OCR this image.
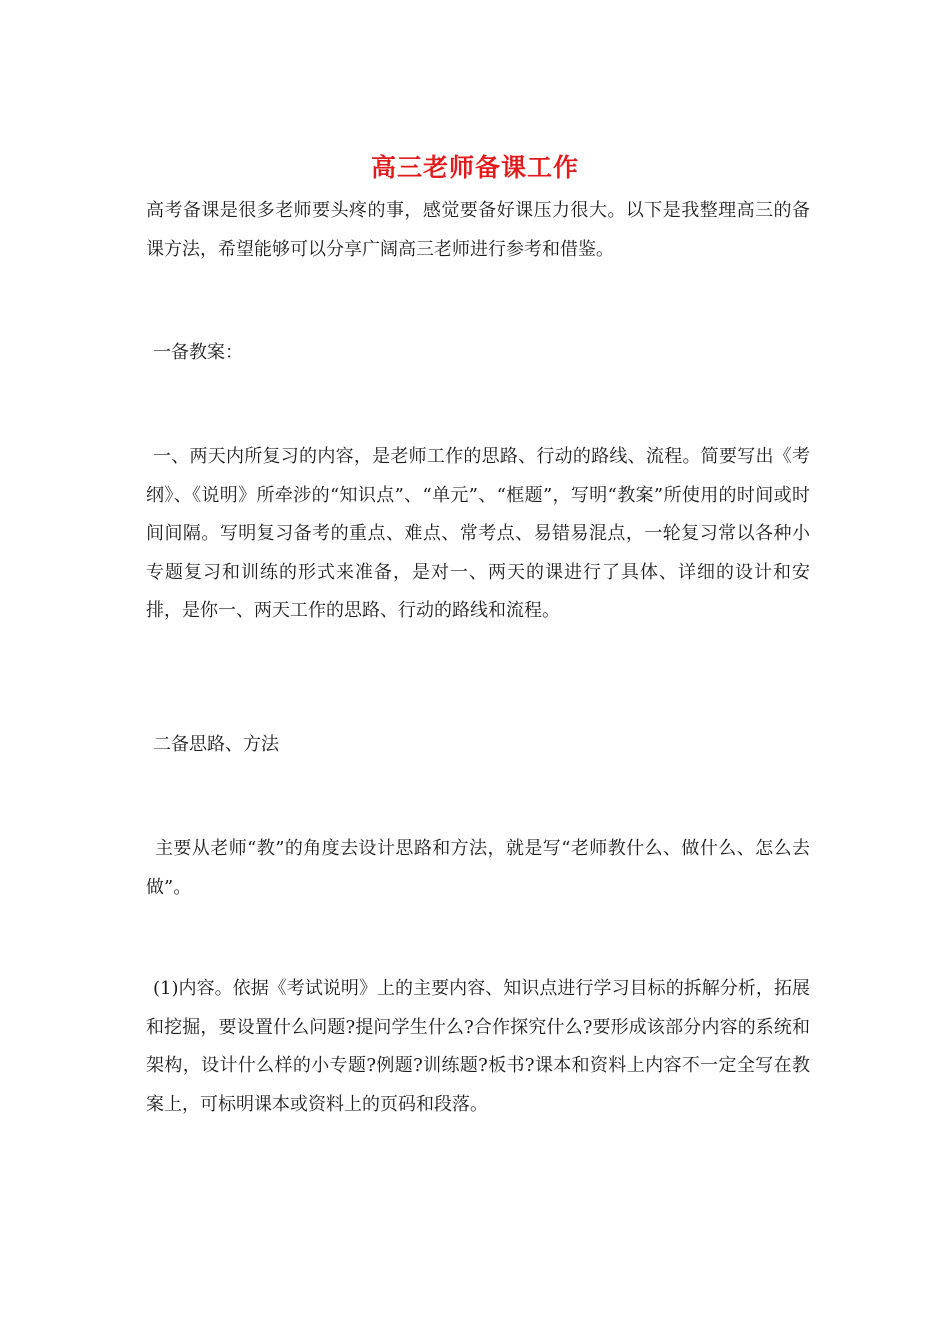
高三老师备课工作
高考备课是很多老师要头疼的事，感觉要备好课压力很大。以下是我整理高三的备课方法，希望能够可以分享广阔高三老师进行参考和借鉴。
一备教案：
一、两天内所复习的内容，是老师工作的思路、行动的路线、流程。简要写出《考纲》、《说明》所牵涉的“知识点”、“单元”、“框题”，写明“教案”所使用的时间或时间间隔。写明复习备考的重点、难点、常考点、易错易混点，一轮复习常以各种小专题复习和训练的形式来准备，是对一、两天的课进行了具体、详细的设计和安排，是你一、两天工作的思路、行动的路线和流程。
二备思路、方法
主要从老师“教”的角度去设计思路和方法，就是写“老师教什么、做什么、怎么去做”。
(1)内容。依据《考试说明》上的主要内容、知识点进行学习目标的拆解分析，拓展和挖掘，要设置什么问题?提问学生什么?合作探究什么?要形成该部分内容的系统和架构，设计什么样的小专题?例题?训练题?板书?课本和资料上内容不一定全写在教案上，可标明课本或资料上的页码和段落。
